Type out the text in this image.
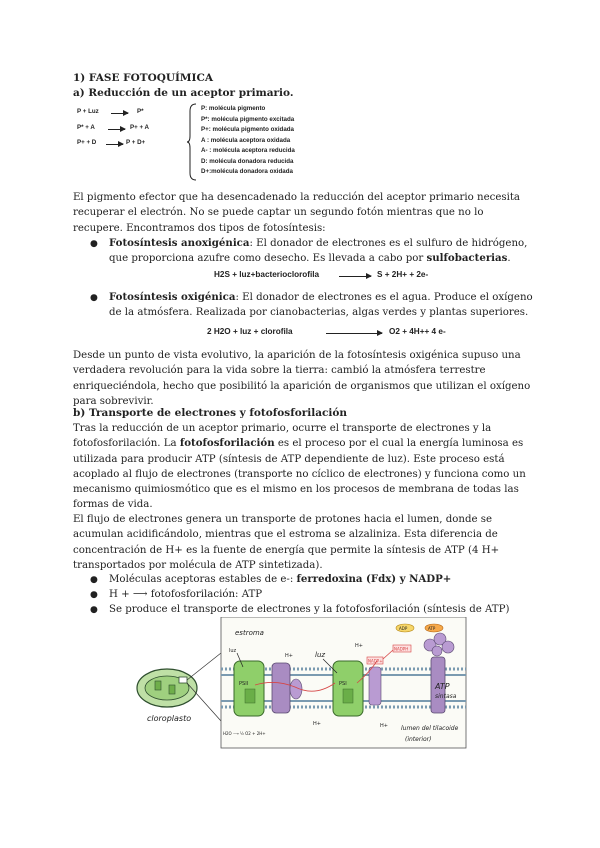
1) FASE FOTOQUÍMICA
a) Reducción de un aceptor primario.
P + Luz → P*
P* + A → P+ + A
P+ + D → P + D+
P: molécula pigmento
P*: molécula pigmento excitada
P+: molécula pigmento oxidada
A : molécula aceptora oxidada
A- : molécula aceptora reducida
D: molécula donadora reducida
D+:molécula donadora oxidada
El pigmento efector que ha desencadenado la reducción del aceptor primario necesita recuperar el electrón. No se puede captar un segundo fotón mientras que no lo recupere. Encontramos dos tipos de fotosíntesis:
● Fotosíntesis anoxigénica: El donador de electrones es el sulfuro de hidrógeno, que proporciona azufre como desecho. Es llevada a cabo por sulfobacterias.
H2S + luz+bacterioclorofila	S + 2H+ + 2e-
● Fotosíntesis oxigénica: El donador de electrones es el agua. Produce el oxígeno de la atmósfera. Realizada por cianobacterias, algas verdes y plantas superiores.
2 H2O + luz + clorofila	O2 + 4H++ 4 e-
Desde un punto de vista evolutivo, la aparición de la fotosíntesis oxigénica supuso una verdadera revolución para la vida sobre la tierra: cambió la atmósfera terrestre enriqueciéndola, hecho que posibilitó la aparición de organismos que utilizan el oxígeno para sobrevivir.
b) Transporte de electrones y fotofosforilación
Tras la reducción de un aceptor primario, ocurre el transporte de electrones y la fotofosforilación. La fotofosforilación es el proceso por el cual la energía luminosa es utilizada para producir ATP (síntesis de ATP dependiente de luz). Este proceso está acoplado al flujo de electrones (transporte no cíclico de electrones) y funciona como un mecanismo quimiosmótico que es el mismo en los procesos de membrana de todas las formas de vida.
El flujo de electrones genera un transporte de protones hacia el lumen, donde se acumulan acidificándolo, mientras que el estroma se alzaliniza. Esta diferencia de concentración de H+ es la fuente de energía que permite la síntesis de ATP (4 H+ transportados por molécula de ATP sintetizada).
● Moléculas aceptoras estables de e-: ferredoxina (Fdx) y NADP+
● H + ⟶ fotofosforilación: ATP
● Se produce el transporte de electrones y la fotofosforilación (síntesis de ATP)
cloroplasto
PSII	PSI
estroma
luz	luz
H+
H+
H+
H+
NADP+
NADPH
ADP	ATP
ATP
sintasa
lumen del tilacoide
(interior)
H2O ⟶ ½ O2 + 2H+
